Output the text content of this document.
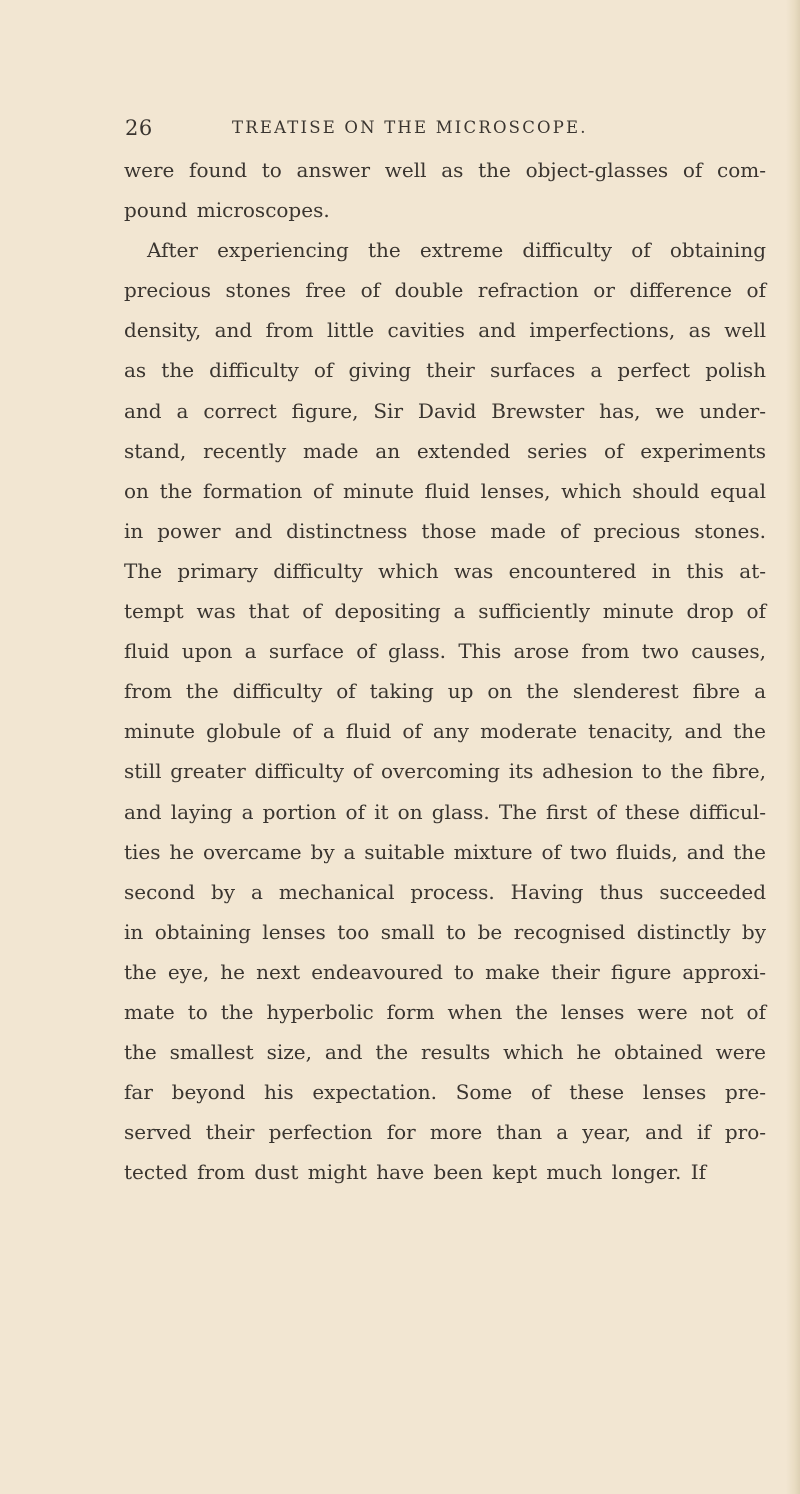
26	TREATISE ON THE MICROSCOPE.
were found to answer well as the object-glasses of com-
pound microscopes.
After experiencing the extreme difficulty of obtaining
precious stones free of double refraction or difference of
density, and from little cavities and imperfections, as well
as the difficulty of giving their surfaces a perfect polish
and a correct figure, Sir David Brewster has, we under-
stand, recently made an extended series of experiments
on the formation of minute fluid lenses, which should equal
in power and distinctness those made of precious stones.
The primary difficulty which was encountered in this at-
tempt was that of depositing a sufficiently minute drop of
fluid upon a surface of glass. This arose from two causes,
from the difficulty of taking up on the slenderest fibre a
minute globule of a fluid of any moderate tenacity, and the
still greater difficulty of overcoming its adhesion to the fibre,
and laying a portion of it on glass. The first of these difficul-
ties he overcame by a suitable mixture of two fluids, and the
second by a mechanical process. Having thus succeeded
in obtaining lenses too small to be recognised distinctly by
the eye, he next endeavoured to make their figure approxi-
mate to the hyperbolic form when the lenses were not of
the smallest size, and the results which he obtained were
far beyond his expectation. Some of these lenses pre-
served their perfection for more than a year, and if pro-
tected from dust might have been kept much longer. If
